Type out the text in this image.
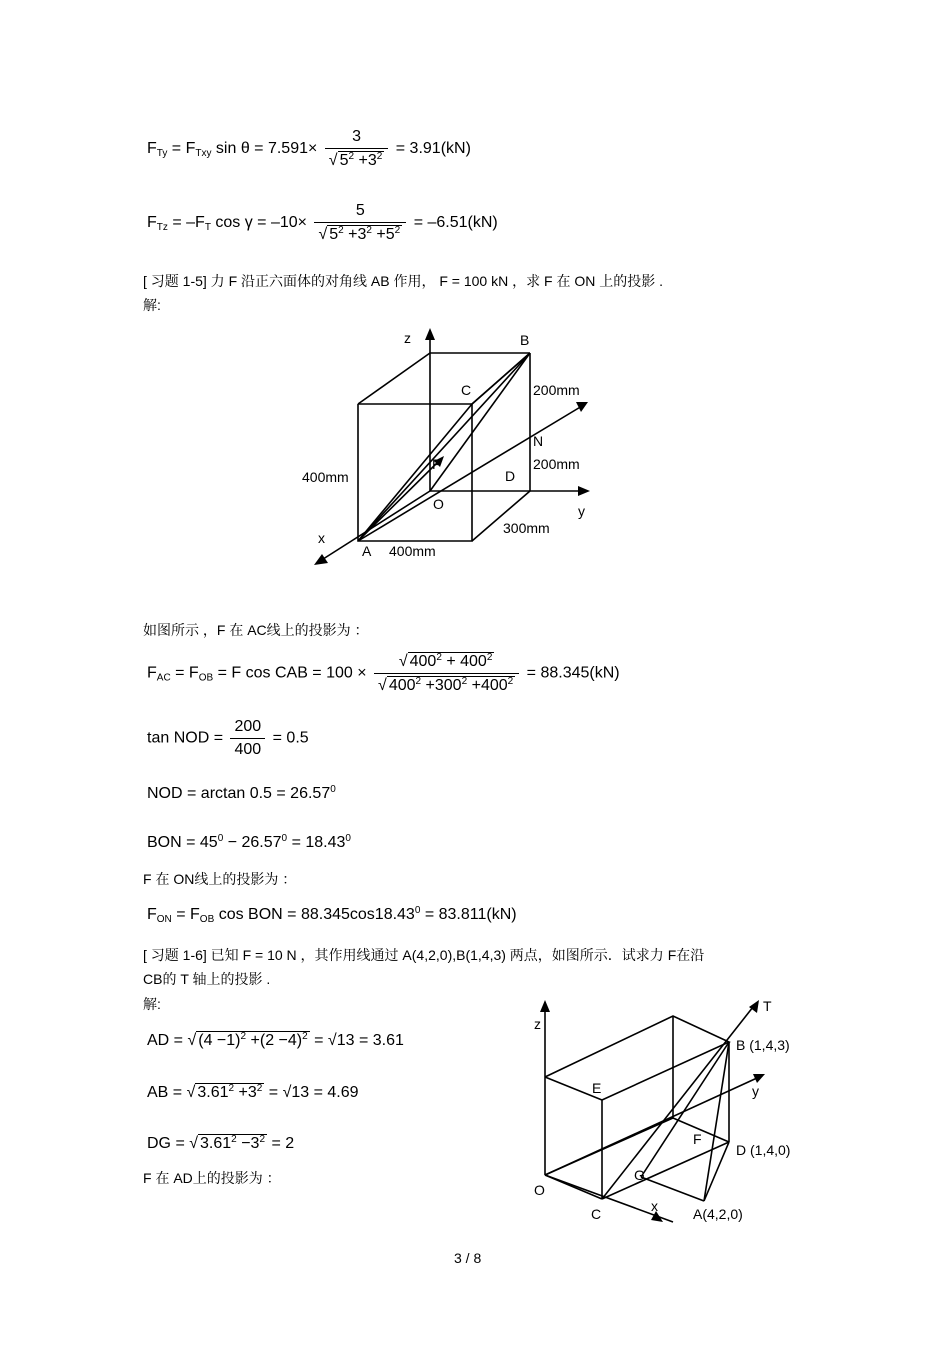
$F_{Ty} = F_{Txy}$ $\sin \theta = 7.591\times \frac{3}{√ 5^2 +3^2} = 3.91(kN)$
$F_{Tz} = -F_T$ $\cos \gamma = -10\times \frac{5}{√ 5^2 +3^2 +5^2} = -6.51(kN)$
[ 习题 1-5] 力 F 沿正六面体的对角线 AB 作用， F = 100 kN ，求 F 在 ON 上的投影 .
解:
z	B
C	200mm
N
200mm
F
D
400mm
O	y
300mm
x
A 400mm
如图所示 ，F 在 AC线上的投影为 ：
$F_{AC} = F_{OB} = F$ cos CAB = $100 \times \frac{√ 400^2 + 400^2}{√ 400^2 +300^2 +400^2} = 88.345(kN)$
tan NOD = $\frac{200}{400} = 0.5$
NOD = $\arctan 0.5 = 26.57^0$
BON = $45^0 - 26.57^0 = 18.43^0$
F 在 ON线上的投影为 ：
$F_{ON} = F_{OB}$ cos BON = $88.345\cos 18.43^0 = 83.811(kN)$
[ 习题 1-6] 已知 F = 10 N ，其作用线通过 A(4,2,0),B(1,4,3) 两点，如图所示．试求力 F在沿
CB的 T 轴上的投影 .
解:
AD = √ $(4 -1)^2 +(2 -4)^2 = √13 = 3.61$
AB = √ $3.61^2 +3^2 = √13 = 4.69$
DG = √ $3.61^2 -3^2 = 2$
F 在 AD上的投影为 ：
T
z
B (1,4,3)
y
E
F
D (1,4,0)
G
O
x
C	A(4,2,0)
3 / 8
